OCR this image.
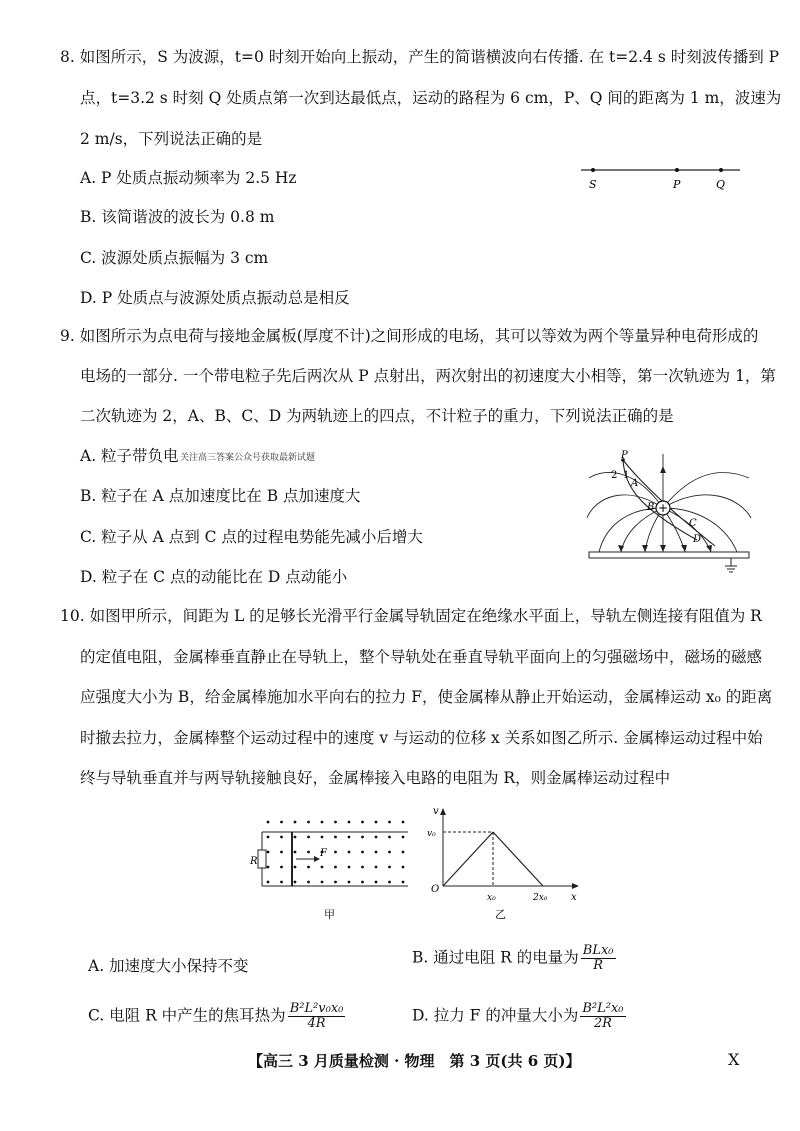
8. 如图所示，S 为波源，t=0 时刻开始向上振动，产生的简谐横波向右传播. 在 t=2.4 s 时刻波传播到 P
点，t=3.2 s 时刻 Q 处质点第一次到达最低点，运动的路程为 6 cm，P、Q 间的距离为 1 m，波速为
2 m/s，下列说法正确的是
A. P 处质点振动频率为 2.5 Hz
B. 该简谐波的波长为 0.8 m
C. 波源处质点振幅为 3 cm
D. P 处质点与波源处质点振动总是相反
S	P	Q
9. 如图所示为点电荷与接地金属板(厚度不计)之间形成的电场，其可以等效为两个等量异种电荷形成的
电场的一部分. 一个带电粒子先后两次从 P 点射出，两次射出的初速度大小相等，第一次轨迹为 1，第
二次轨迹为 2，A、B、C、D 为两轨迹上的四点，不计粒子的重力，下列说法正确的是
A. 粒子带负电 关注高三答案公众号获取最新试题
B. 粒子在 A 点加速度比在 B 点加速度大
C. 粒子从 A 点到 C 点的过程电势能先减小后增大
D. 粒子在 C 点的动能比在 D 点动能小
+
P
2 1
A
B
C
D
10. 如图甲所示，间距为 L 的足够长光滑平行金属导轨固定在绝缘水平面上，导轨左侧连接有阻值为 R
的定值电阻，金属棒垂直静止在导轨上，整个导轨处在垂直导轨平面向上的匀强磁场中，磁场的磁感
应强度大小为 B，给金属棒施加水平向右的拉力 F，使金属棒从静止开始运动，金属棒运动 x₀ 的距离
时撤去拉力，金属棒整个运动过程中的速度 v 与运动的位移 x 关系如图乙所示. 金属棒运动过程中始
终与导轨垂直并与两导轨接触良好，金属棒接入电路的电阻为 R，则金属棒运动过程中
R
F
甲
v
v₀
O
x₀	2x₀ x
乙
A. 加速度大小保持不变	B. 通过电阻 R 的电量为 $\frac{\text{BLx₀}}{R}$
C. 电阻 R 中产生的焦耳热为 $\frac{\text{B²L²v₀x₀}}{4R}$	D. 拉力 F 的冲量大小为 $\frac{\text{B²L²x₀}}{2R}$
【高三 3 月质量检测 · 物理　第 3 页(共 6 页)】	X
